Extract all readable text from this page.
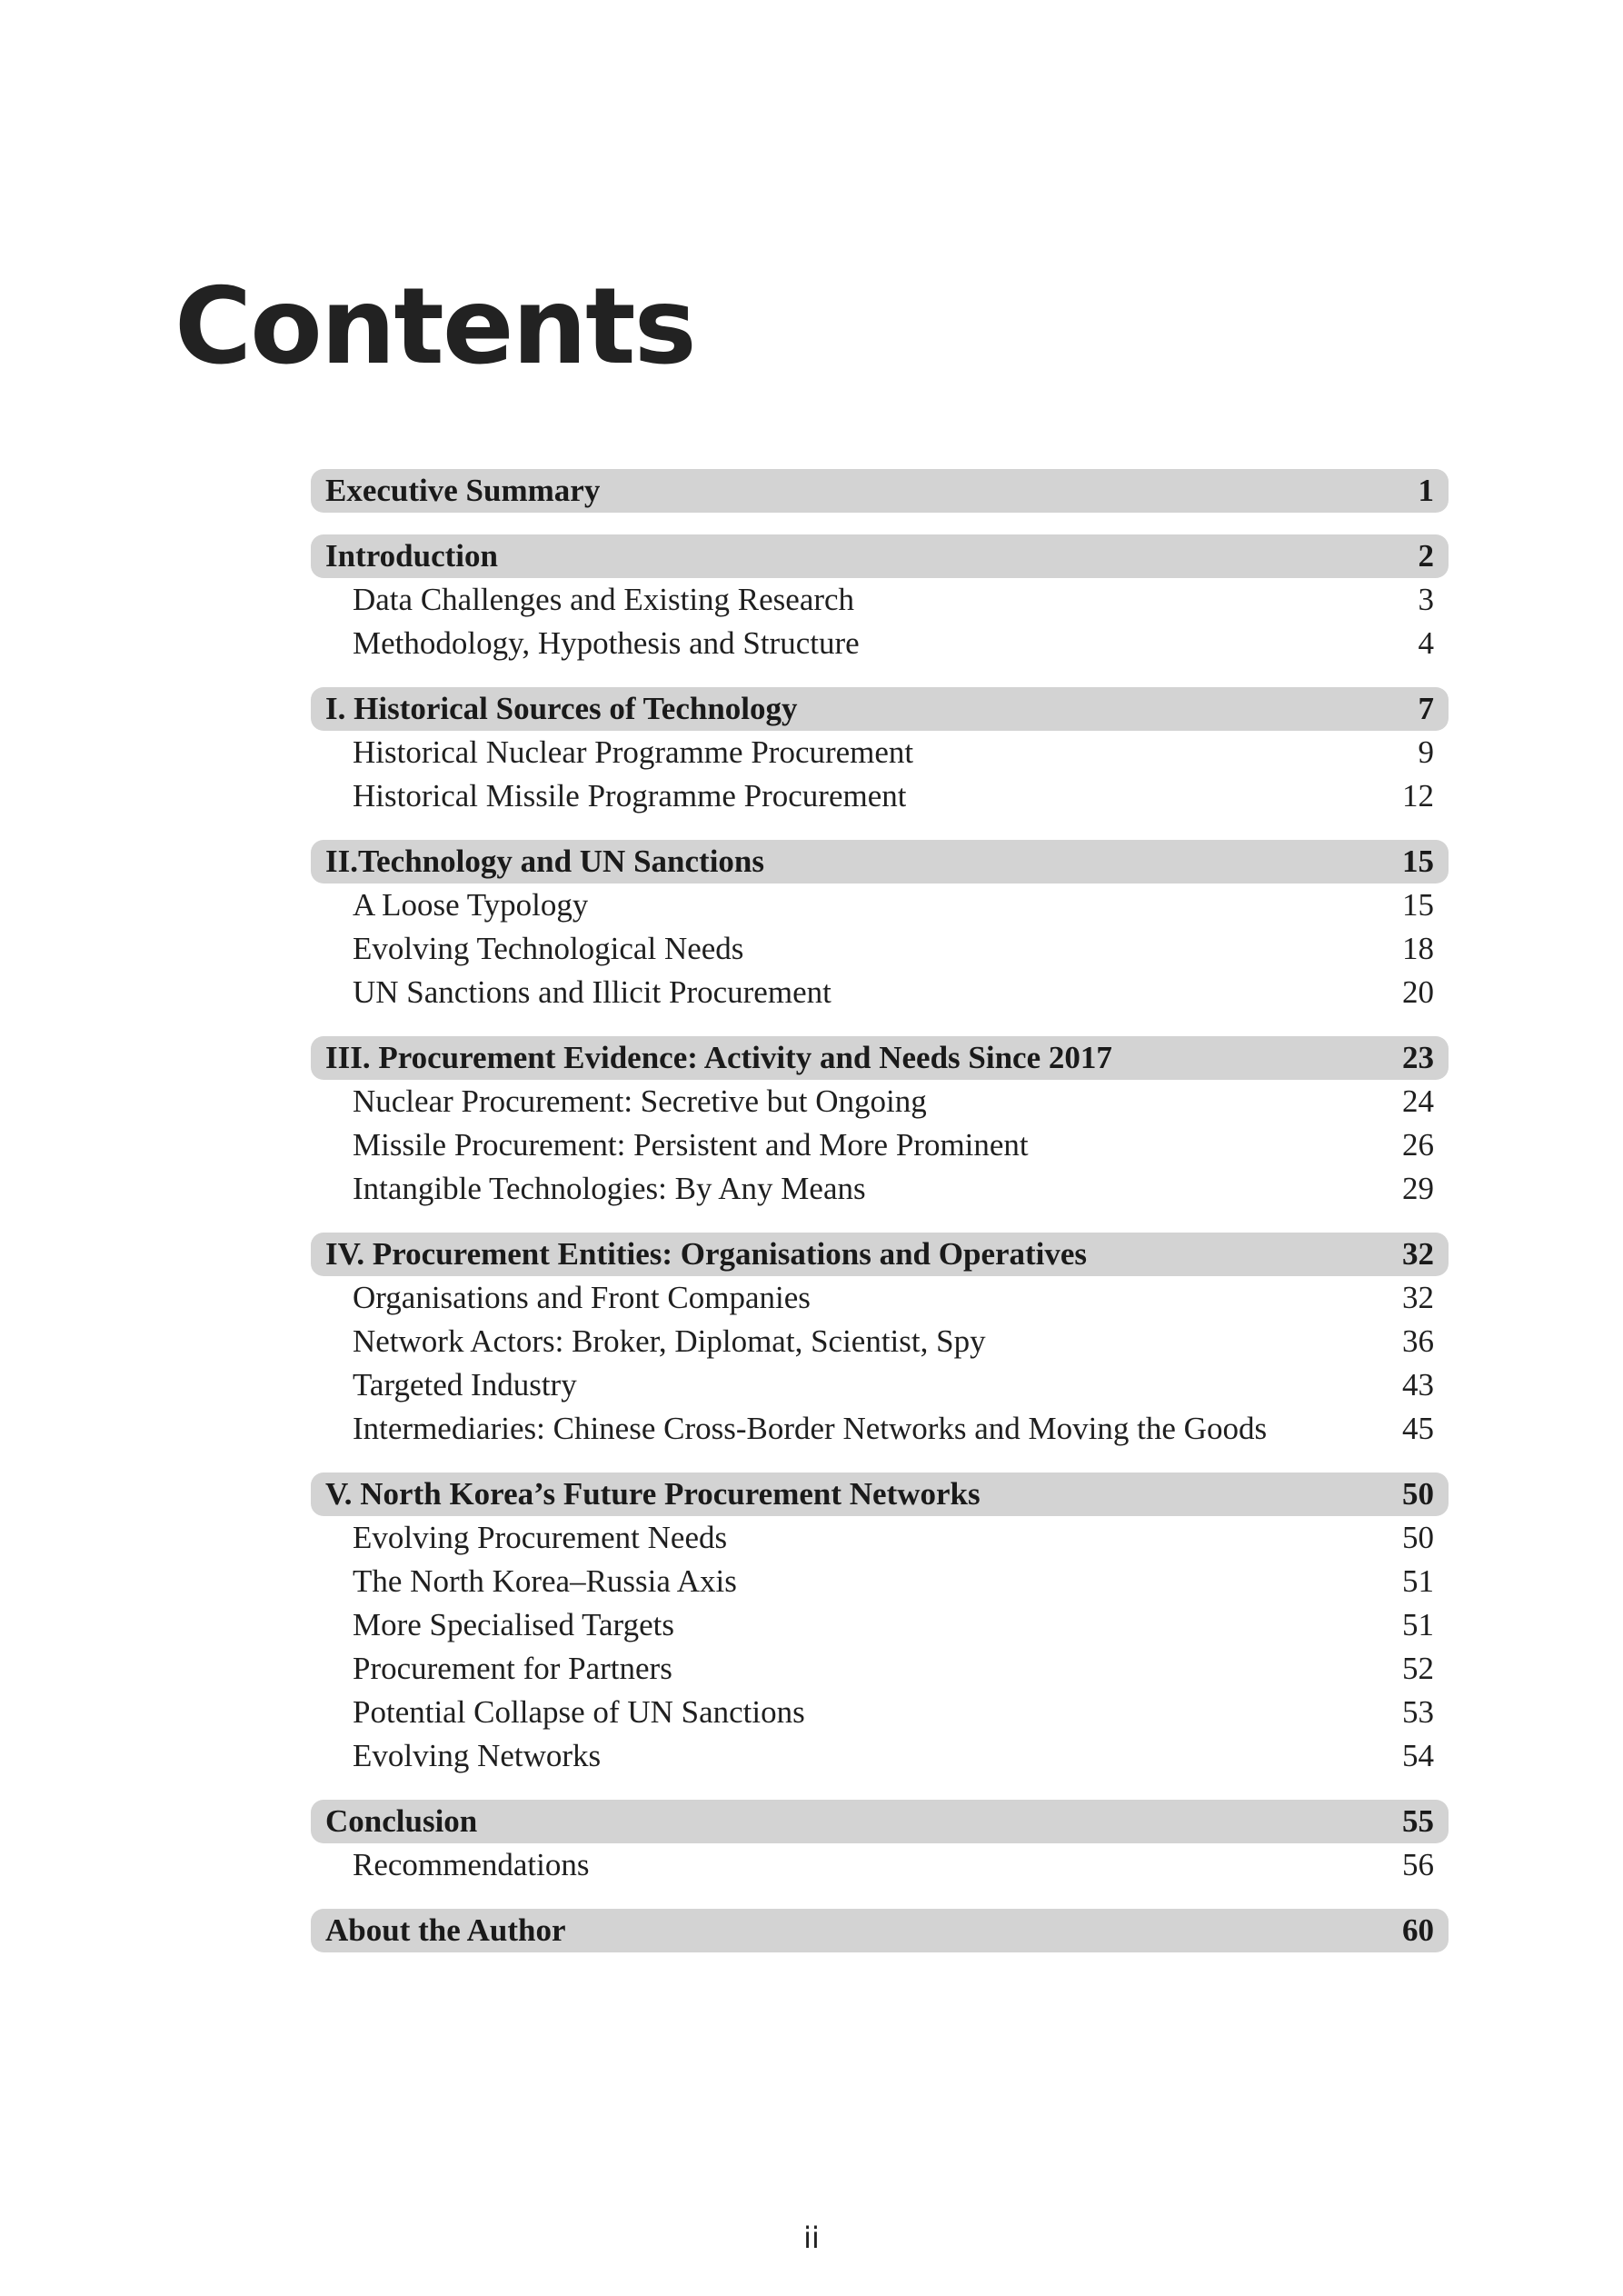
Contents
Executive Summary	1
Introduction	2
Data Challenges and Existing Research	3
Methodology, Hypothesis and Structure	4
I. Historical Sources of Technology	7
Historical Nuclear Programme Procurement	9
Historical Missile Programme Procurement	12
II.Technology and UN Sanctions	15
A Loose Typology	15
Evolving Technological Needs	18
UN Sanctions and Illicit Procurement	20
III. Procurement Evidence: Activity and Needs Since 2017	23
Nuclear Procurement: Secretive but Ongoing	24
Missile Procurement: Persistent and More Prominent	26
Intangible Technologies: By Any Means	29
IV. Procurement Entities: Organisations and Operatives	32
Organisations and Front Companies	32
Network Actors: Broker, Diplomat, Scientist, Spy	36
Targeted Industry	43
Intermediaries: Chinese Cross-Border Networks and Moving the Goods	45
V. North Korea’s Future Procurement Networks	50
Evolving Procurement Needs	50
The North Korea–Russia Axis	51
More Specialised Targets	51
Procurement for Partners	52
Potential Collapse of UN Sanctions	53
Evolving Networks	54
Conclusion	55
Recommendations	56
About the Author	60
ii
